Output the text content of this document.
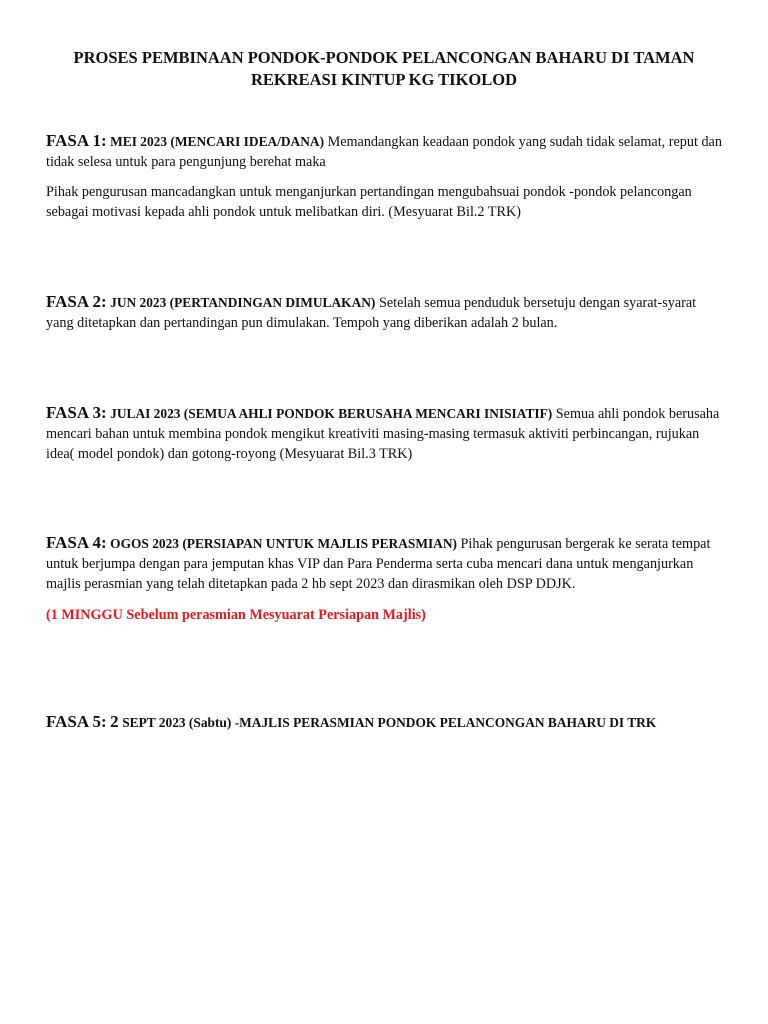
PROSES PEMBINAAN PONDOK-PONDOK PELANCONGAN BAHARU DI TAMAN
REKREASI KINTUP KG TIKOLOD

FASA 1: MEI 2023 (MENCARI IDEA/DANA) Memandangkan keadaan pondok yang sudah tidak selamat, reput dan tidak selesa untuk para pengunjung berehat maka

Pihak pengurusan mancadangkan untuk menganjurkan pertandingan mengubahsuai pondok -pondok pelancongan sebagai motivasi kepada ahli pondok untuk melibatkan diri. (Mesyuarat Bil.2 TRK)

FASA 2: JUN 2023 (PERTANDINGAN DIMULAKAN) Setelah semua penduduk bersetuju dengan syarat-syarat yang ditetapkan dan pertandingan pun dimulakan. Tempoh yang diberikan adalah 2 bulan.

FASA 3: JULAI 2023 (SEMUA AHLI PONDOK BERUSAHA MENCARI INISIATIF) Semua ahli pondok berusaha mencari bahan untuk membina pondok mengikut kreativiti masing-masing termasuk aktiviti perbincangan, rujukan idea( model pondok) dan gotong-royong (Mesyuarat Bil.3 TRK)

FASA 4: OGOS 2023 (PERSIAPAN UNTUK MAJLIS PERASMIAN) Pihak pengurusan bergerak ke serata tempat untuk berjumpa dengan para jemputan khas VIP dan Para Penderma serta cuba mencari dana untuk menganjurkan majlis perasmian yang telah ditetapkan pada 2 hb sept 2023 dan dirasmikan oleh DSP DDJK.

(1 MINGGU Sebelum perasmian Mesyuarat Persiapan Majlis)

FASA 5: 2 SEPT 2023 (Sabtu) -MAJLIS PERASMIAN PONDOK PELANCONGAN BAHARU DI TRK
